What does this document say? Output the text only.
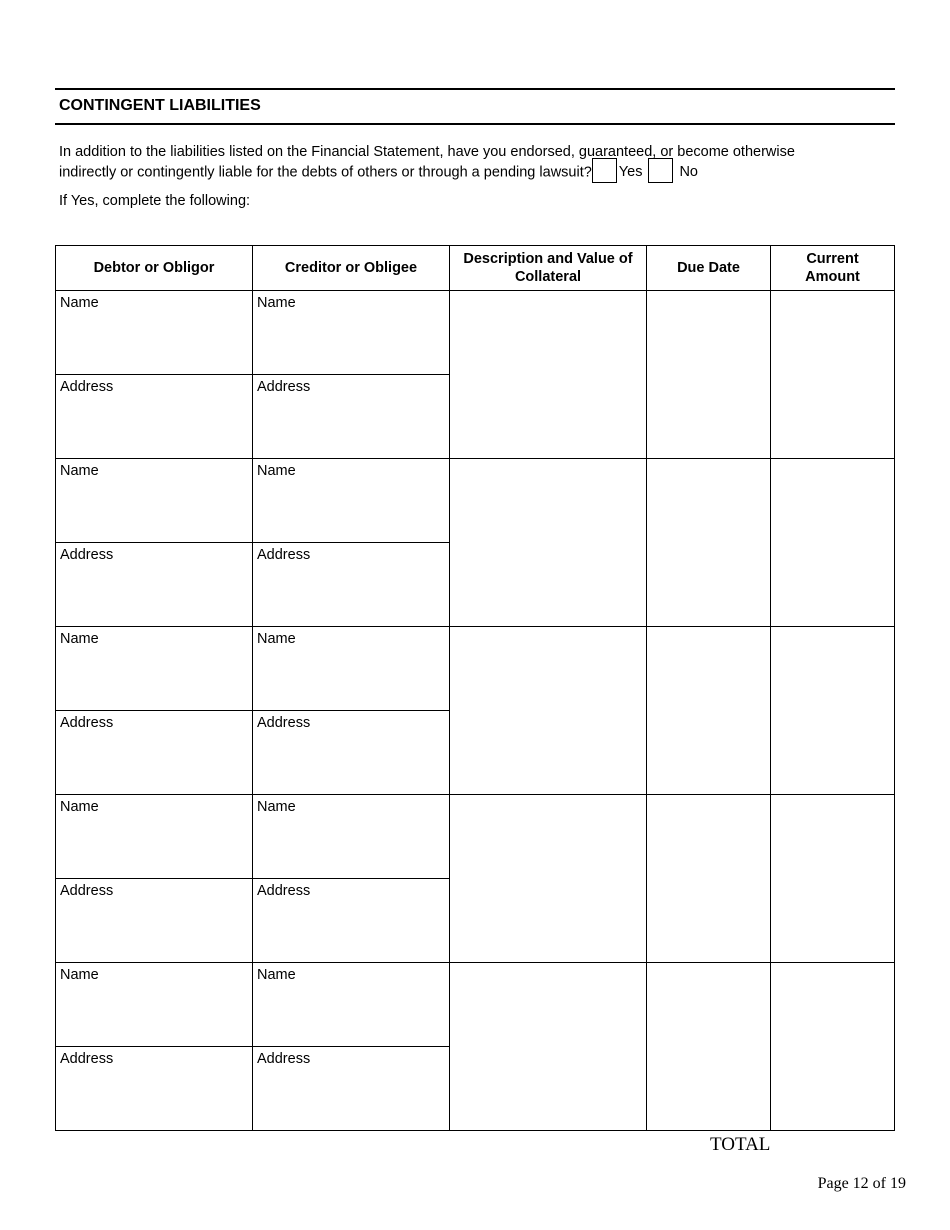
CONTINGENT LIABILITIES
In addition to the liabilities listed on the Financial Statement, have you endorsed, guaranteed, or become otherwise
indirectly or contingently liable for the debts of others or through a pending lawsuit? Yes	No
If Yes, complete the following:
Debtor or Obligor	Creditor or Obligee	Description and Value of Collateral	Due Date	Current Amount

Name	Name			

Address	Address			

Name	Name			

Address	Address			

Name	Name			

Address	Address			

Name	Name			

Address	Address			

Name	Name			

Address	Address			
TOTAL
Page 12 of 19
